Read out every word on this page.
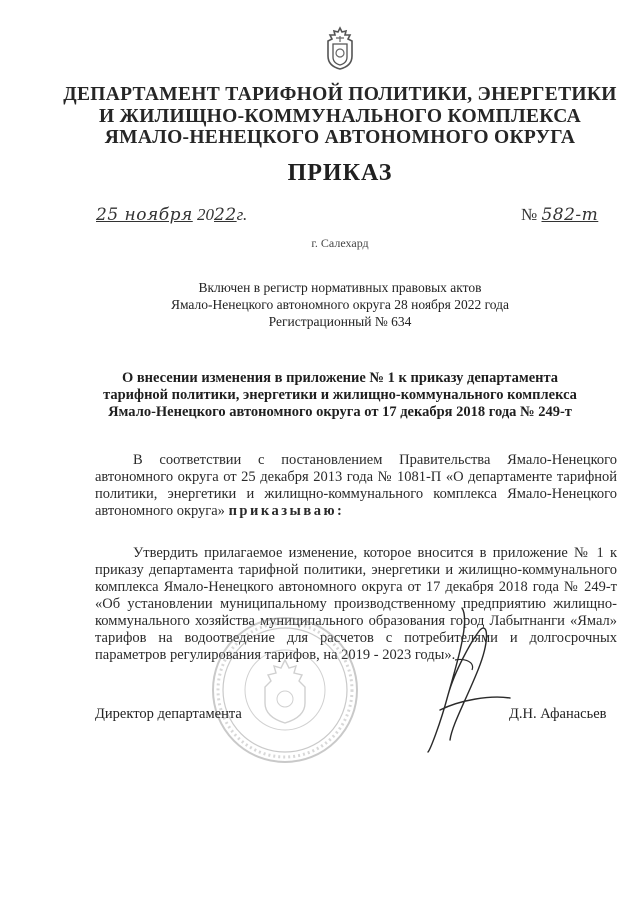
ДЕПАРТАМЕНТ ТАРИФНОЙ ПОЛИТИКИ, ЭНЕРГЕТИКИ
И ЖИЛИЩНО-КОММУНАЛЬНОГО КОМПЛЕКСА
ЯМАЛО-НЕНЕЦКОГО АВТОНОМНОГО ОКРУГА
ПРИКАЗ
25 ноября 2022г.	№ 582-т
г. Салехард
Включен в регистр нормативных правовых актов
Ямало-Ненецкого автономного округа 28 ноября 2022 года
Регистрационный № 634
О внесении изменения в приложение № 1 к приказу департамента
тарифной политики, энергетики и жилищно-коммунального комплекса
Ямало-Ненецкого автономного округа от 17 декабря 2018 года № 249-т
В соответствии с постановлением Правительства Ямало-Ненецкого автономного округа от 25 декабря 2013 года № 1081-П «О департаменте тарифной политики, энергетики и жилищно-коммунального комплекса Ямало-Ненецкого автономного округа» приказываю:
Утвердить прилагаемое изменение, которое вносится в приложение № 1 к приказу департамента тарифной политики, энергетики и жилищно-коммунального комплекса Ямало-Ненецкого автономного округа от 17 декабря 2018 года № 249-т «Об установлении муниципальному производственному предприятию жилищно-коммунального хозяйства муниципального образования город Лабытнанги «Ямал» тарифов на водоотведение для расчетов с потребителями и долгосрочных параметров регулирования тарифов, на 2019 - 2023 годы».
Директор департамента	Д.Н. Афанасьев
